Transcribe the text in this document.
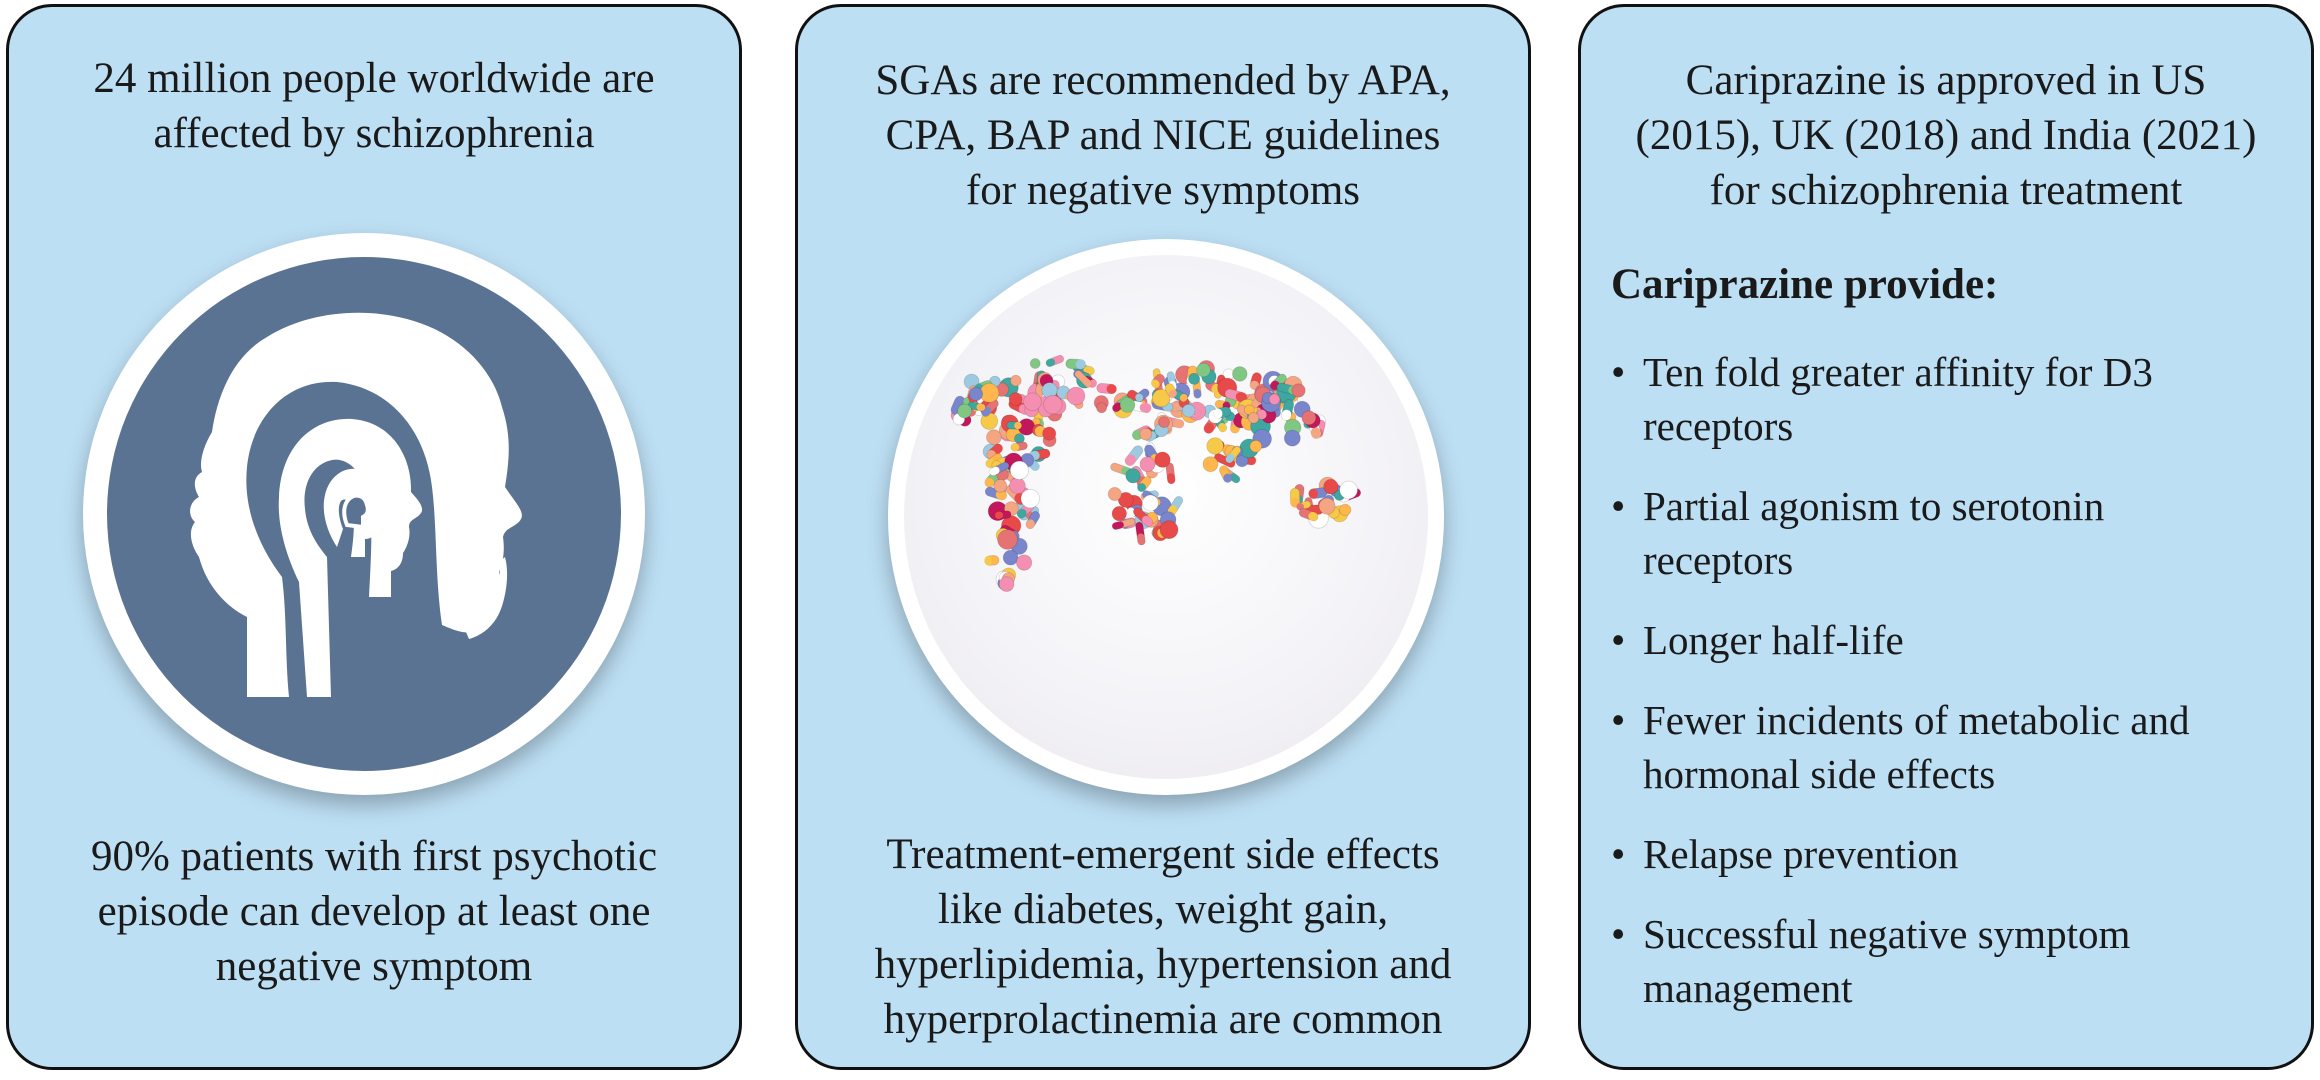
24 million people worldwide are
affected by schizophrenia
90% patients with first psychotic
episode can develop at least one
negative symptom
SGAs are recommended by APA,
CPA, BAP and NICE guidelines
for negative symptoms
Treatment-emergent side effects
like diabetes, weight gain,
hyperlipidemia, hypertension and
hyperprolactinemia are common
Cariprazine is approved in US
(2015), UK (2018) and India (2021)
for schizophrenia treatment
Cariprazine provide:
• Ten fold greater affinity for D3
receptors
• Partial agonism to serotonin
receptors
• Longer half-life
• Fewer incidents of metabolic and
hormonal side effects
• Relapse prevention
• Successful negative symptom
management
